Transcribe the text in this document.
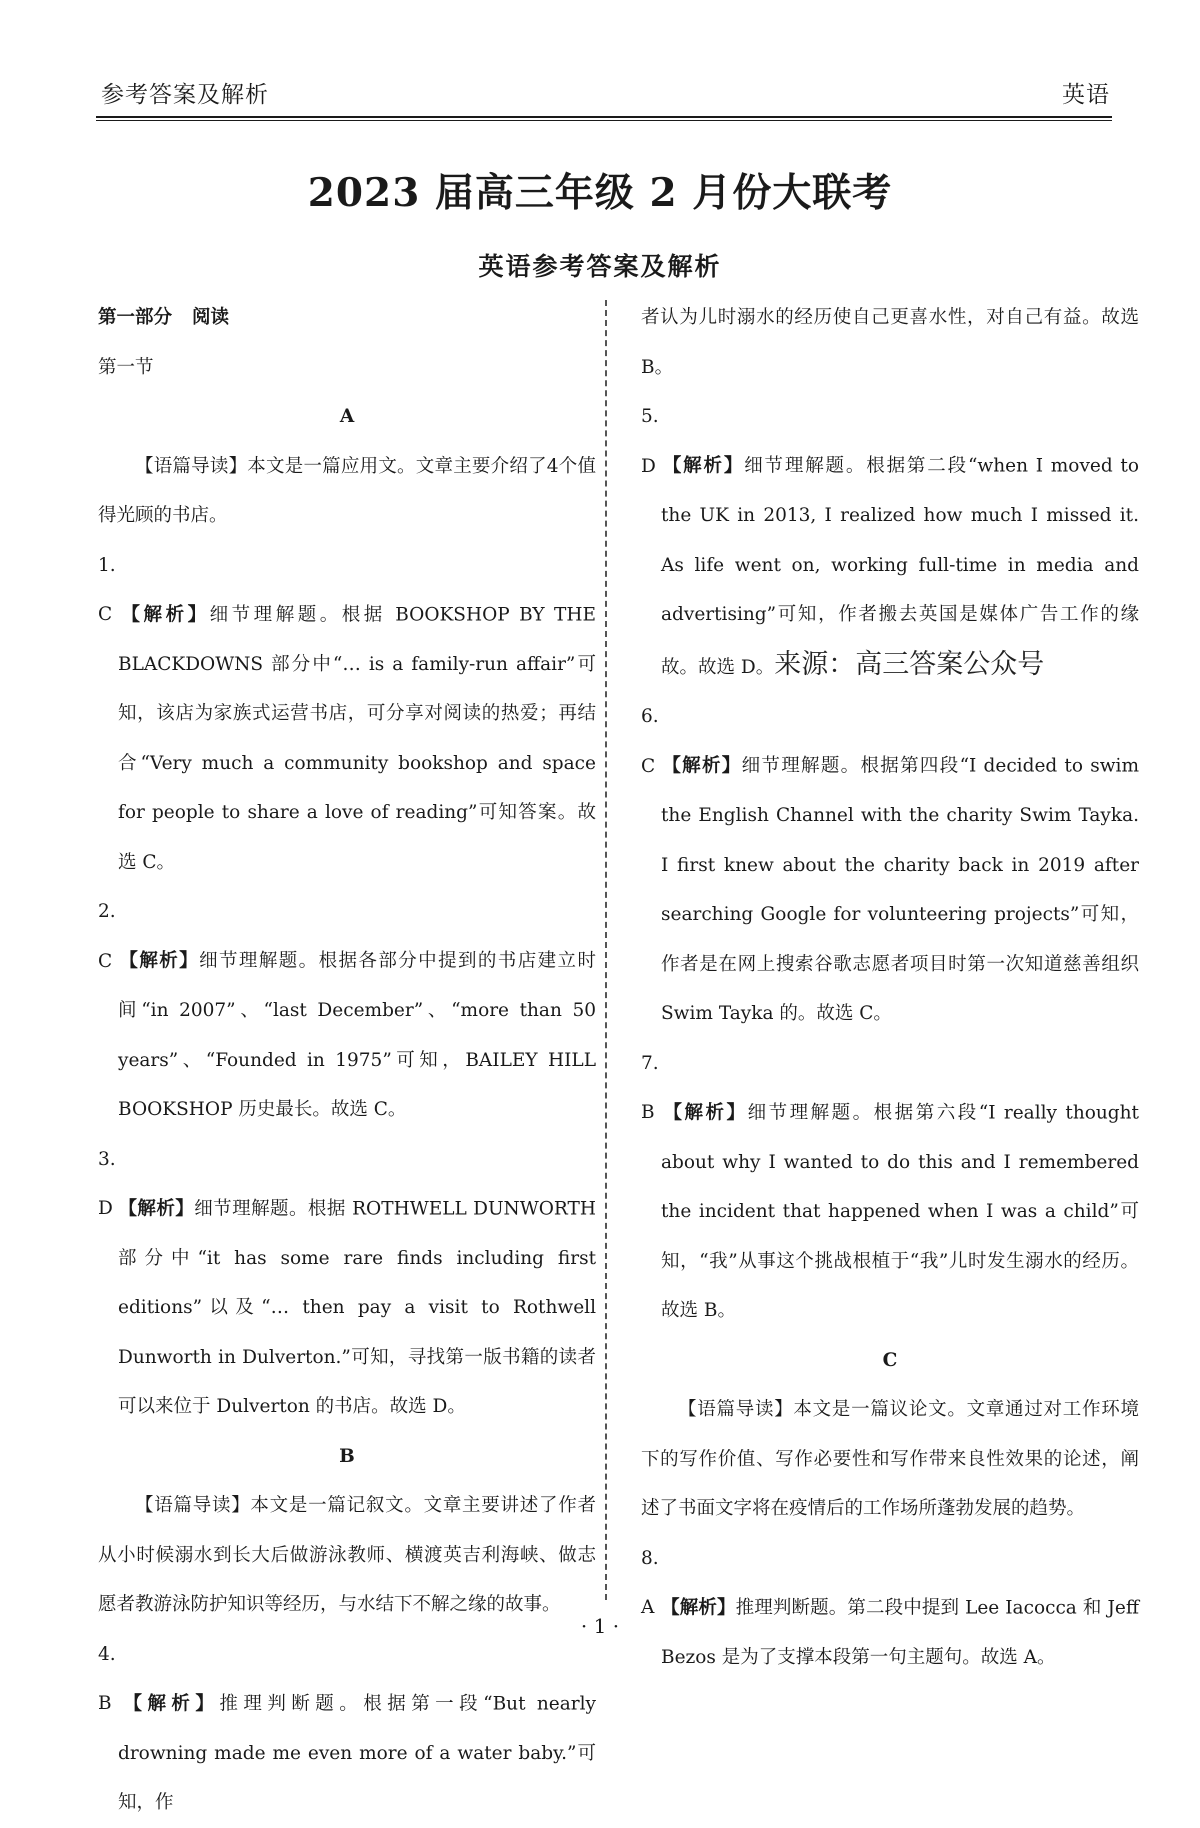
参考答案及解析	英语
2023 届高三年级 2 月份大联考
英语参考答案及解析

第一部分 阅读

第一节

A

【语篇导读】本文是一篇应用文。文章主要介绍了4个值得光顾的书店。

1. C 【解析】细节理解题。根据 BOOKSHOP BY THE BLACKDOWNS 部分中“… is a family-run affair”可知，该店为家族式运营书店，可分享对阅读的热爱；再结合“Very much a community bookshop and space for people to share a love of reading”可知答案。故选 C。

2. C 【解析】细节理解题。根据各部分中提到的书店建立时间“in 2007”、“last December”、“more than 50 years”、“Founded in 1975”可知，BAILEY HILL BOOKSHOP 历史最长。故选 C。

3. D 【解析】细节理解题。根据 ROTHWELL DUNWORTH 部分中“it has some rare finds including first editions”以及“… then pay a visit to Rothwell Dunworth in Dulverton.”可知，寻找第一版书籍的读者可以来位于 Dulverton 的书店。故选 D。

B

【语篇导读】本文是一篇记叙文。文章主要讲述了作者从小时候溺水到长大后做游泳教师、横渡英吉利海峡、做志愿者教游泳防护知识等经历，与水结下不解之缘的故事。

4. B 【解析】推理判断题。根据第一段“But nearly drowning made me even more of a water baby.”可知，作

者认为儿时溺水的经历使自己更喜水性，对自己有益。故选 B。

5. D 【解析】细节理解题。根据第二段“when I moved to the UK in 2013, I realized how much I missed it. As life went on, working full-time in media and advertising”可知，作者搬去英国是媒体广告工作的缘故。故选 D。来源：高三答案公众号

6. C 【解析】细节理解题。根据第四段“I decided to swim the English Channel with the charity Swim Tayka. I first knew about the charity back in 2019 after searching Google for volunteering projects”可知，作者是在网上搜索谷歌志愿者项目时第一次知道慈善组织 Swim Tayka 的。故选 C。

7. B 【解析】细节理解题。根据第六段“I really thought about why I wanted to do this and I remembered the incident that happened when I was a child”可知，“我”从事这个挑战根植于“我”儿时发生溺水的经历。故选 B。

C

【语篇导读】本文是一篇议论文。文章通过对工作环境下的写作价值、写作必要性和写作带来良性效果的论述，阐述了书面文字将在疫情后的工作场所蓬勃发展的趋势。

8. A 【解析】推理判断题。第二段中提到 Lee Iacocca 和 Jeff Bezos 是为了支撑本段第一句主题句。故选 A。

· 1 ·
